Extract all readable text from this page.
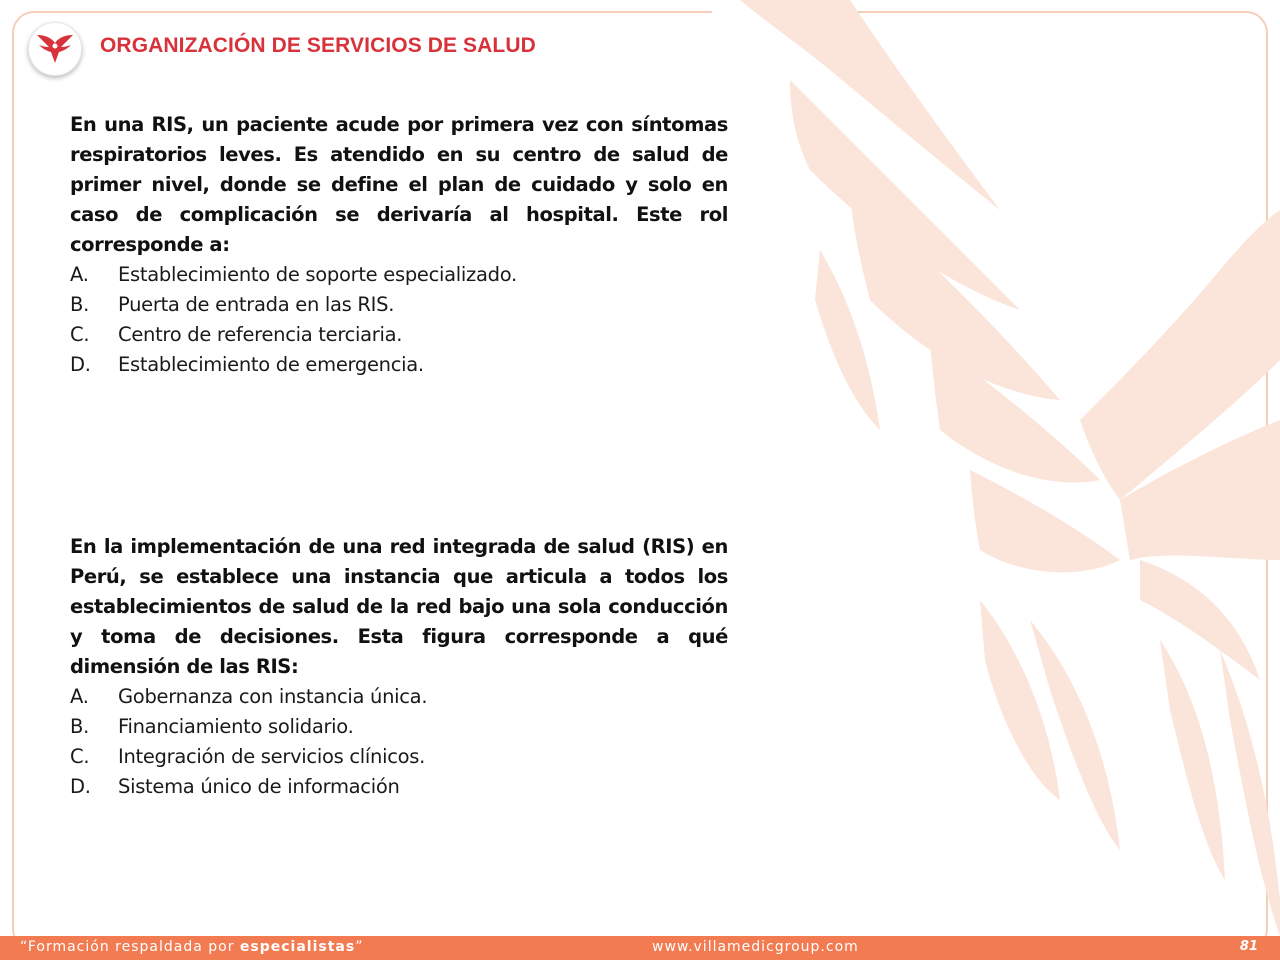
ORGANIZACIÓN DE SERVICIOS DE SALUD

En una RIS, un paciente acude por primera vez con síntomas respiratorios leves. Es atendido en su centro de salud de primer nivel, donde se define el plan de cuidado y solo en caso de complicación se derivaría al hospital. Este rol corresponde a:

A.	Establecimiento de soporte especializado.
B.	Puerta de entrada en las RIS.
C.	Centro de referencia terciaria.
D.	Establecimiento de emergencia.

En la implementación de una red integrada de salud (RIS) en Perú, se establece una instancia que articula a todos los establecimientos de salud de la red bajo una sola conducción y toma de decisiones. Esta figura corresponde a qué dimensión de las RIS:

A.	Gobernanza con instancia única.
B.	Financiamiento solidario.
C.	Integración de servicios clínicos.
D.	Sistema único de información
“Formación respaldada por especialistas”	www.villamedicgroup.com	81
